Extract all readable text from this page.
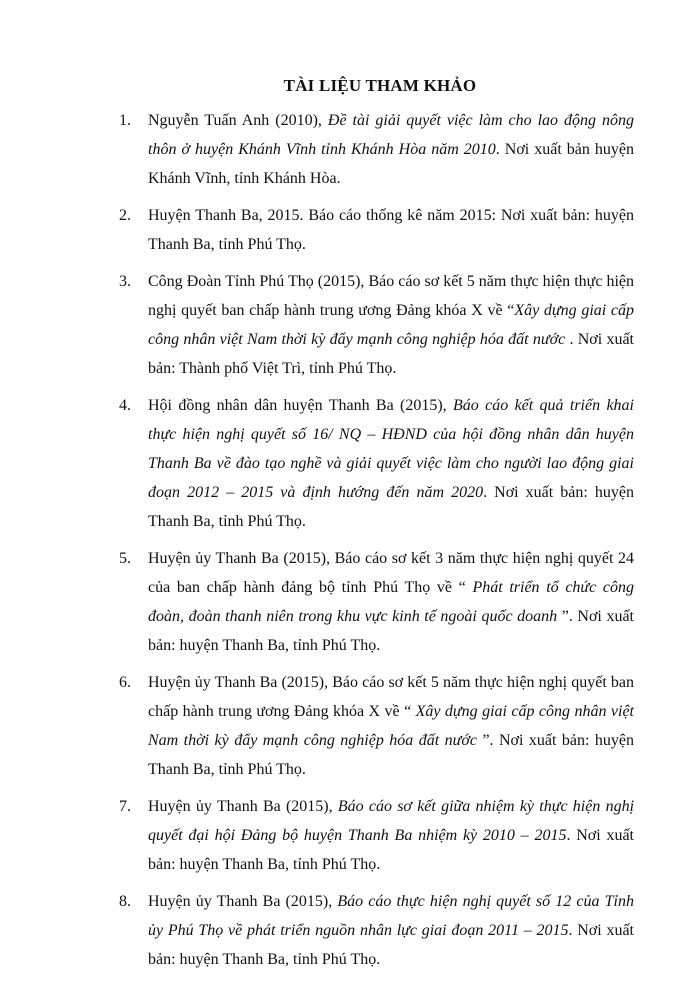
TÀI LIỆU THAM KHẢO
1. Nguyễn Tuấn Anh (2010), Đề tài giải quyết việc làm cho lao động nông thôn ở huyện Khánh Vĩnh tỉnh Khánh Hòa năm 2010. Nơi xuất bản huyện Khánh Vĩnh, tỉnh Khánh Hòa.
2. Huyện Thanh Ba, 2015. Báo cáo thống kê năm 2015: Nơi xuất bản: huyện Thanh Ba, tỉnh Phú Thọ.
3. Công Đoàn Tỉnh Phú Thọ (2015), Báo cáo sơ kết 5 năm thực hiện thực hiện nghị quyết ban chấp hành trung ương Đảng khóa X về “Xây dựng giai cấp công nhân việt Nam thời kỳ đẩy mạnh công nghiệp hóa đất nước . Nơi xuất bản: Thành phố Việt Trì, tỉnh Phú Thọ.
4. Hội đồng nhân dân huyện Thanh Ba (2015), Báo cáo kết quả triển khai thực hiện nghị quyết số 16/ NQ – HĐND của hội đồng nhân dân huyện Thanh Ba về đào tạo nghề và giải quyết việc làm cho người lao động giai đoạn 2012 – 2015 và định hướng đến năm 2020. Nơi xuất bản: huyện Thanh Ba, tỉnh Phú Thọ.
5. Huyện ủy Thanh Ba (2015), Báo cáo sơ kết 3 năm thực hiện nghị quyết 24 của ban chấp hành đảng bộ tỉnh Phú Thọ về “ Phát triển tổ chức công đoàn, đoàn thanh niên trong khu vực kinh tế ngoài quốc doanh ”. Nơi xuất bản: huyện Thanh Ba, tỉnh Phú Thọ.
6. Huyện ủy Thanh Ba (2015), Báo cáo sơ kết 5 năm thực hiện nghị quyết ban chấp hành trung ương Đảng khóa X về “ Xây dựng giai cấp công nhân việt Nam thời kỳ đẩy mạnh công nghiệp hóa đất nước ”. Nơi xuất bản: huyện Thanh Ba, tỉnh Phú Thọ.
7. Huyện ủy Thanh Ba (2015), Báo cáo sơ kết giữa nhiệm kỳ thực hiện nghị quyết đại hội Đảng bộ huyện Thanh Ba nhiệm kỳ 2010 – 2015. Nơi xuất bản: huyện Thanh Ba, tỉnh Phú Thọ.
8. Huyện ủy Thanh Ba (2015), Báo cáo thực hiện nghị quyết số 12 của Tỉnh ủy Phú Thọ về phát triển nguồn nhân lực giai đoạn 2011 – 2015. Nơi xuất bản: huyện Thanh Ba, tỉnh Phú Thọ.
